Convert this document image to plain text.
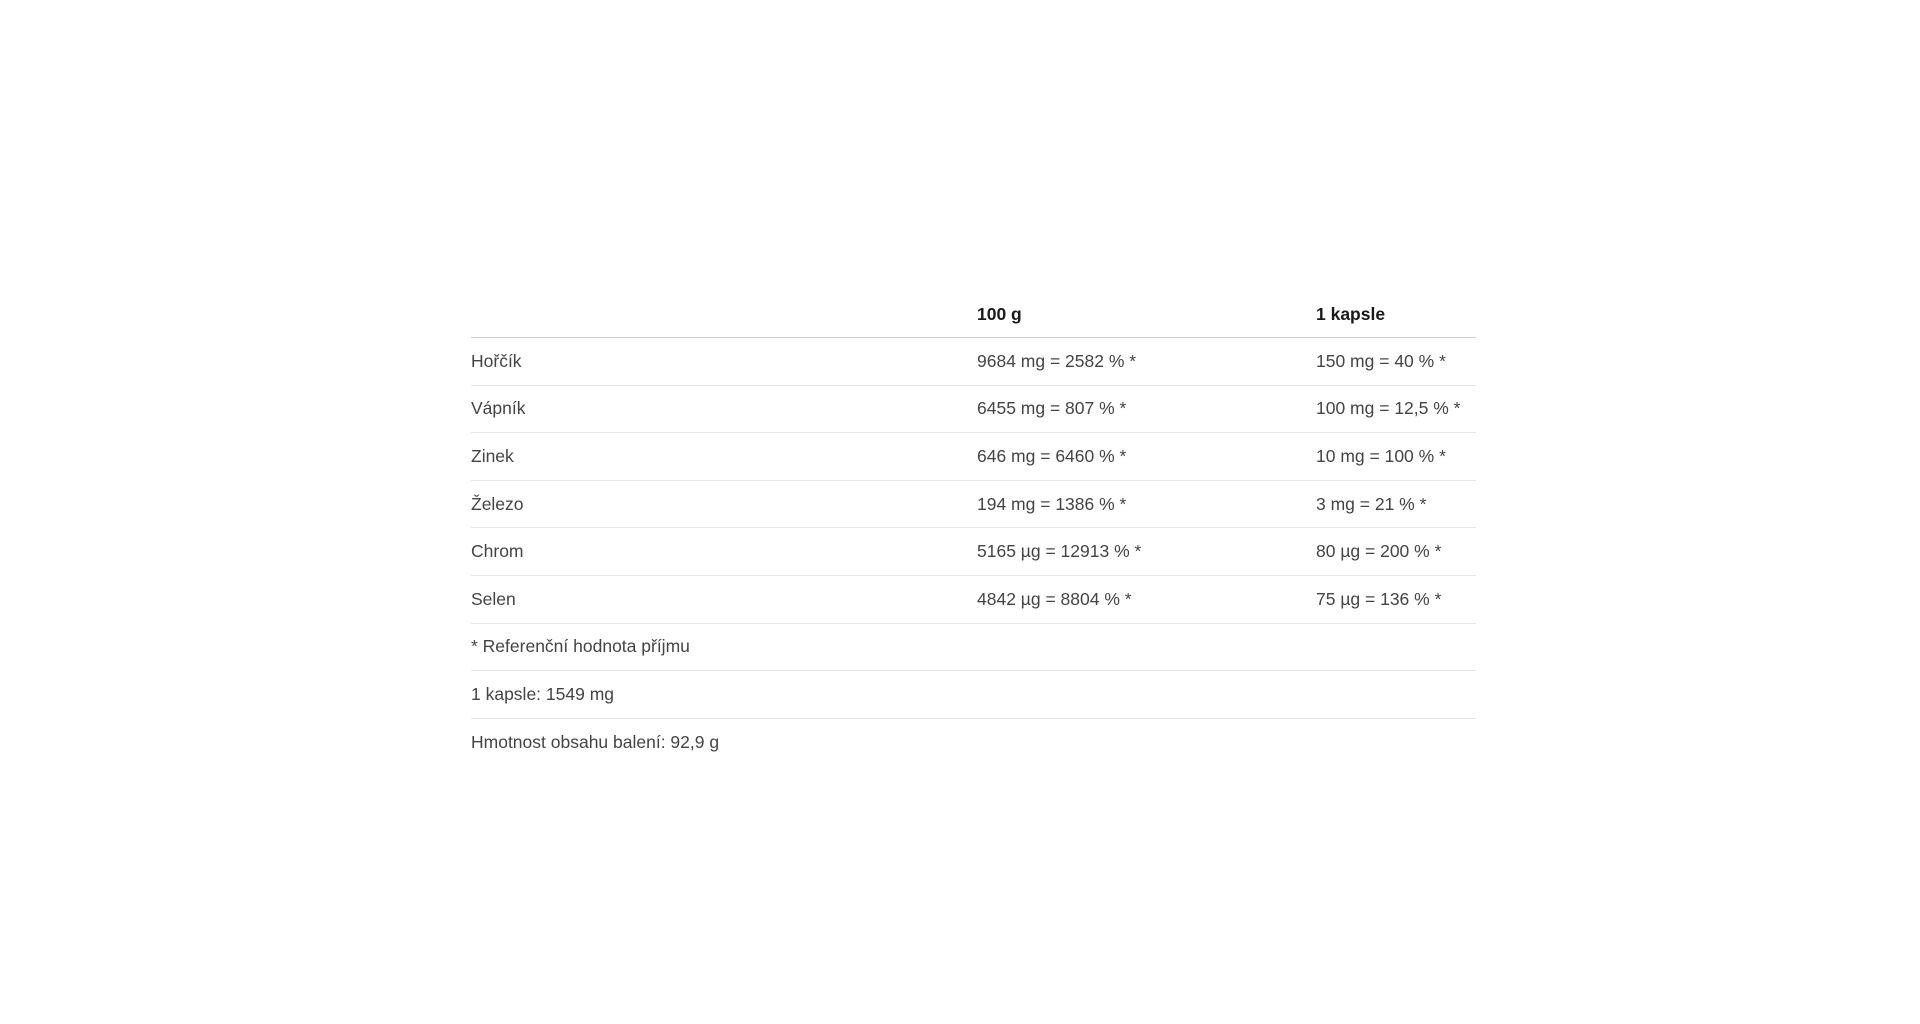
	100 g	1 kapsle
Hořčík	9684 mg = 2582 % *	150 mg = 40 % *
Vápník	6455 mg = 807 % *	100 mg = 12,5 % *
Zinek	646 mg = 6460 % *	10 mg = 100 % *
Železo	194 mg = 1386 % *	3 mg = 21 % *
Chrom	5165 µg = 12913 % *	80 µg = 200 % *
Selen	4842 µg = 8804 % *	75 µg = 136 % *
* Referenční hodnota příjmu		
1 kapsle: 1549 mg		
Hmotnost obsahu balení: 92,9 g		
